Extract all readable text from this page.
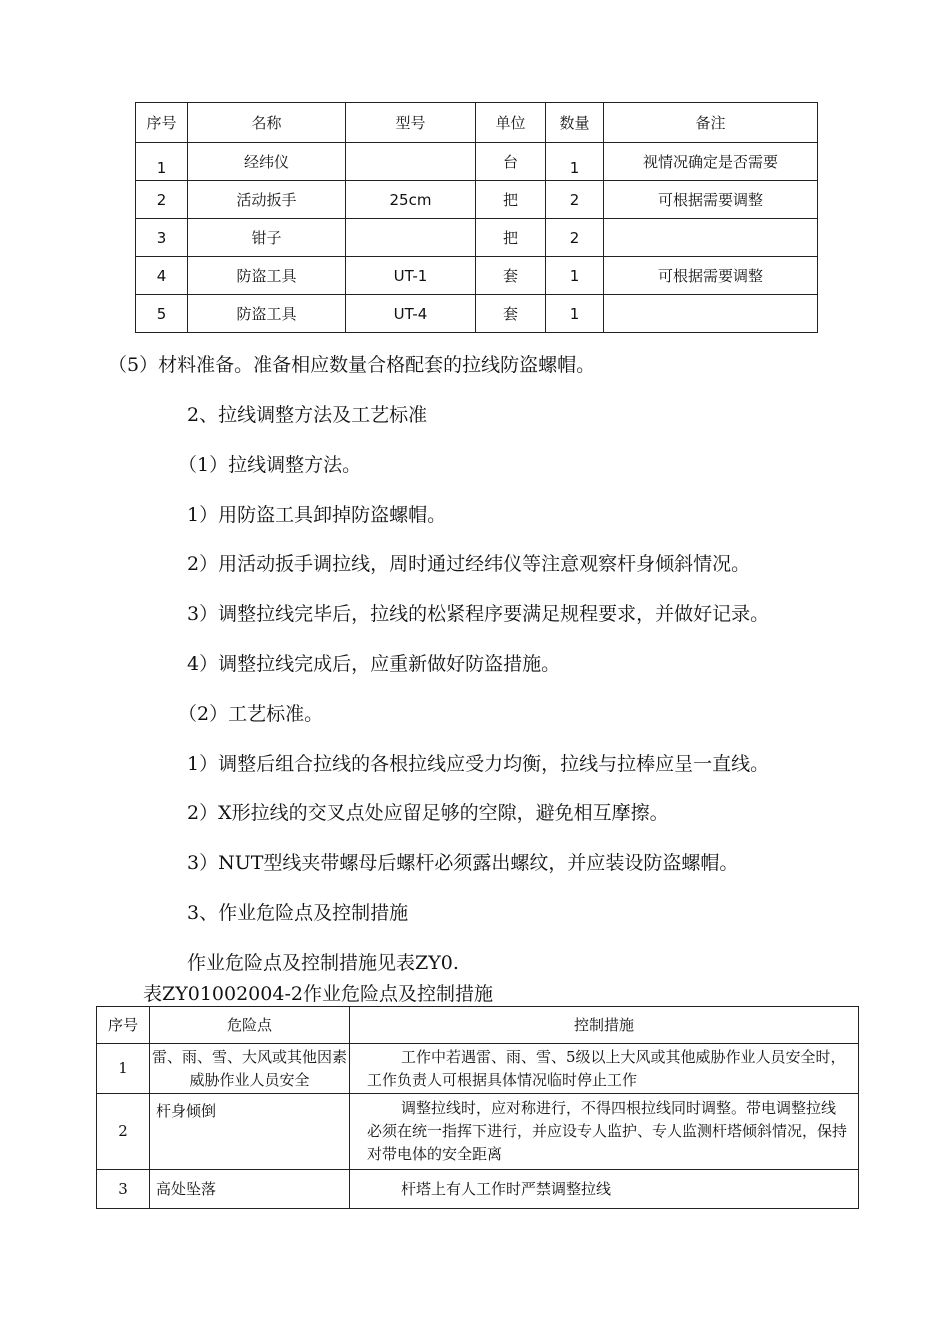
序号	名称	型号	单位	数量	备注
1	经纬仪		台	1	视情况确定是否需要
2	活动扳手	25cm	把	2	可根据需要调整
3	钳子		把	2	
4	防盗工具	UT-1	套	1	可根据需要调整
5	防盗工具	UT-4	套	1	

（5）材料准备。准备相应数量合格配套的拉线防盗螺帽。

2、拉线调整方法及工艺标准

（1）拉线调整方法。

1）用防盗工具卸掉防盗螺帽。

2）用活动扳手调拉线，周时通过经纬仪等注意观察杆身倾斜情况。

3）调整拉线完毕后，拉线的松紧程序要满足规程要求，并做好记录。

4）调整拉线完成后，应重新做好防盗措施。

（2）工艺标准。

1）调整后组合拉线的各根拉线应受力均衡，拉线与拉棒应呈一直线。

2）X形拉线的交叉点处应留足够的空隙，避免相互摩擦。

3）NUT型线夹带螺母后螺杆必须露出螺纹，并应装设防盗螺帽。

3、作业危险点及控制措施

作业危险点及控制措施见表ZY0.

表ZY01002004-2作业危险点及控制措施
序号	危险点	控制措施
1	雷、雨、雪、大风或其他因素威胁作业人员安全	工作中若遇雷、雨、雪、5级以上大风或其他威胁作业人员安全时，工作负责人可根据具体情况临时停止工作
2	杆身倾倒	调整拉线时，应对称进行，不得四根拉线同时调整。带电调整拉线必须在统一指挥下进行，并应设专人监护、专人监测杆塔倾斜情况，保持对带电体的安全距离
3	高处坠落	杆塔上有人工作时严禁调整拉线
